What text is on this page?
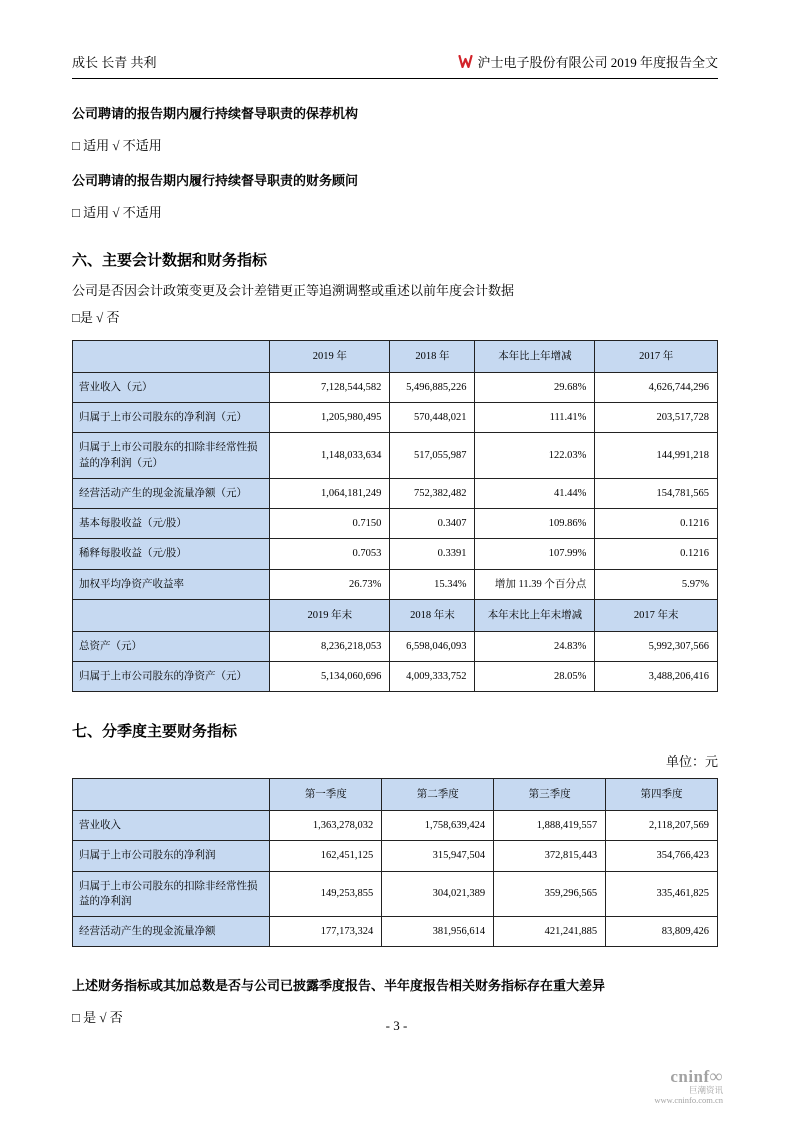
成长 长青 共利	沪士电子股份有限公司 2019 年度报告全文
公司聘请的报告期内履行持续督导职责的保荐机构
□ 适用 √ 不适用
公司聘请的报告期内履行持续督导职责的财务顾问
□ 适用 √ 不适用
六、主要会计数据和财务指标
公司是否因会计政策变更及会计差错更正等追溯调整或重述以前年度会计数据
□是 √ 否
	2019 年	2018 年	本年比上年增减	2017 年
营业收入（元）	7,128,544,582	5,496,885,226	29.68%	4,626,744,296
归属于上市公司股东的净利润（元）	1,205,980,495	570,448,021	111.41%	203,517,728
归属于上市公司股东的扣除非经常性损益的净利润（元）	1,148,033,634	517,055,987	122.03%	144,991,218
经营活动产生的现金流量净额（元）	1,064,181,249	752,382,482	41.44%	154,781,565
基本每股收益（元/股）	0.7150	0.3407	109.86%	0.1216
稀释每股收益（元/股）	0.7053	0.3391	107.99%	0.1216
加权平均净资产收益率	26.73%	15.34%	增加 11.39 个百分点	5.97%
	2019 年末	2018 年末	本年末比上年末增减	2017 年末
总资产（元）	8,236,218,053	6,598,046,093	24.83%	5,992,307,566
归属于上市公司股东的净资产（元）	5,134,060,696	4,009,333,752	28.05%	3,488,206,416
七、分季度主要财务指标
单位：元
	第一季度	第二季度	第三季度	第四季度
营业收入	1,363,278,032	1,758,639,424	1,888,419,557	2,118,207,569
归属于上市公司股东的净利润	162,451,125	315,947,504	372,815,443	354,766,423
归属于上市公司股东的扣除非经常性损益的净利润	149,253,855	304,021,389	359,296,565	335,461,825
经营活动产生的现金流量净额	177,173,324	381,956,614	421,241,885	83,809,426
上述财务指标或其加总数是否与公司已披露季度报告、半年度报告相关财务指标存在重大差异
□ 是 √ 否
- 3 -
cninf∞
巨潮资讯
www.cninfo.com.cn
